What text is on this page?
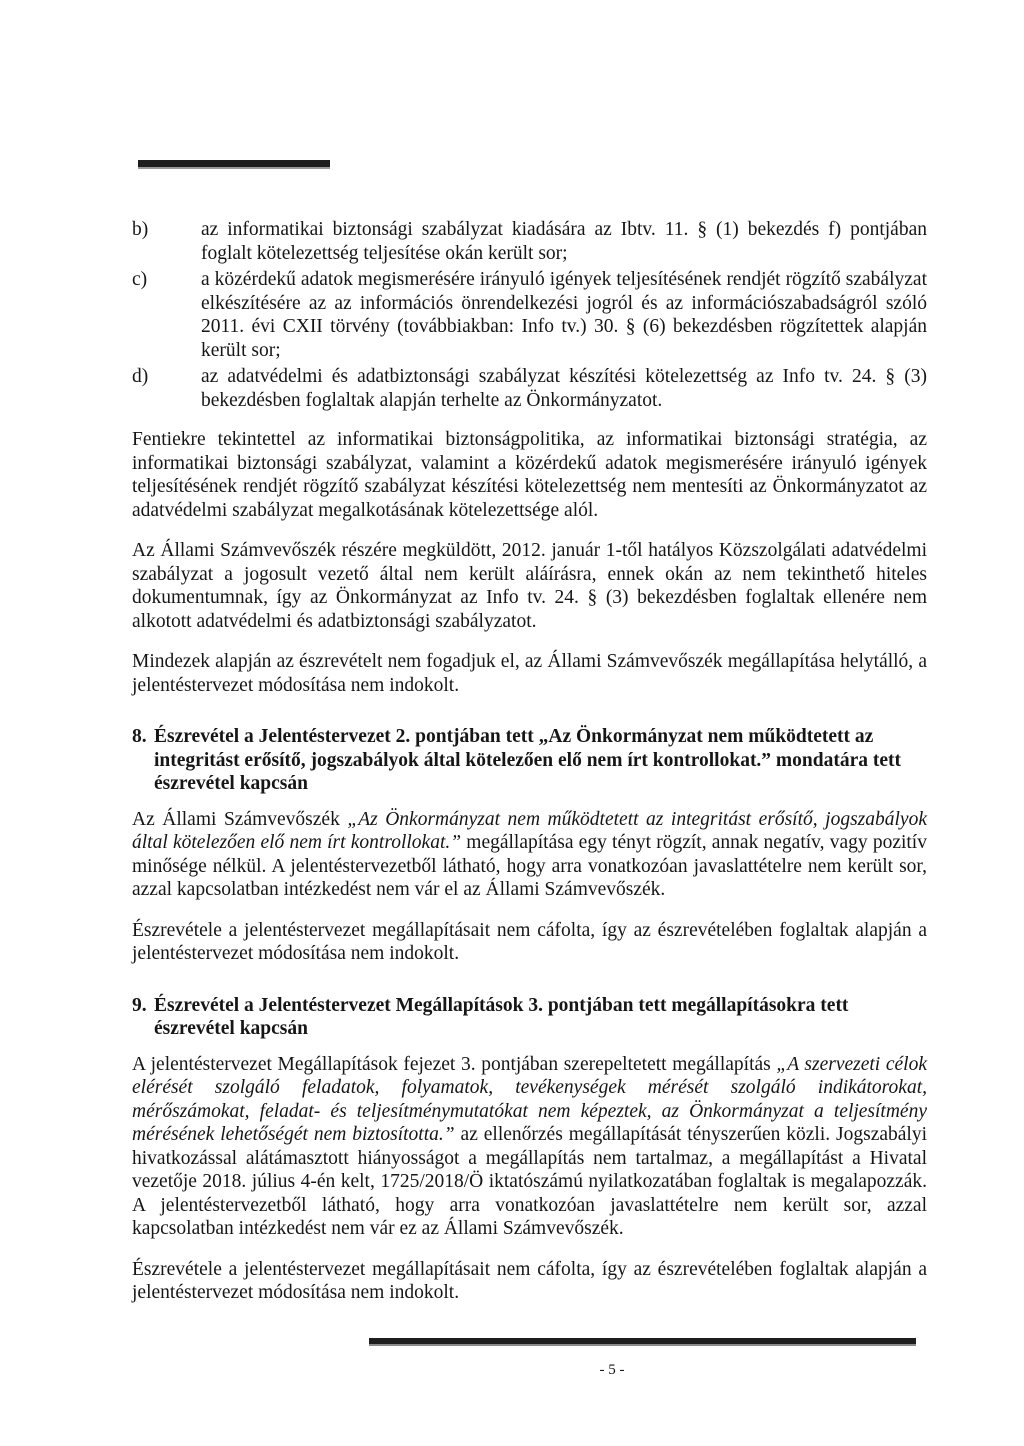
b)	az informatikai biztonsági szabályzat kiadására az Ibtv. 11. § (1) bekezdés f) pontjában foglalt kötelezettség teljesítése okán került sor;
c)	a közérdekű adatok megismerésére irányuló igények teljesítésének rendjét rögzítő szabályzat elkészítésére az az információs önrendelkezési jogról és az információszabadságról szóló 2011. évi CXII törvény (továbbiakban: Info tv.) 30. § (6) bekezdésben rögzítettek alapján került sor;
d)	az adatvédelmi és adatbiztonsági szabályzat készítési kötelezettség az Info tv. 24. § (3) bekezdésben foglaltak alapján terhelte az Önkormányzatot.

Fentiekre tekintettel az informatikai biztonságpolitika, az informatikai biztonsági stratégia, az informatikai biztonsági szabályzat, valamint a közérdekű adatok megismerésére irányuló igények teljesítésének rendjét rögzítő szabályzat készítési kötelezettség nem mentesíti az Önkormányzatot az adatvédelmi szabályzat megalkotásának kötelezettsége alól.

Az Állami Számvevőszék részére megküldött, 2012. január 1-től hatályos Közszolgálati adatvédelmi szabályzat a jogosult vezető által nem került aláírásra, ennek okán az nem tekinthető hiteles dokumentumnak, így az Önkormányzat az Info tv. 24. § (3) bekezdésben foglaltak ellenére nem alkotott adatvédelmi és adatbiztonsági szabályzatot.

Mindezek alapján az észrevételt nem fogadjuk el, az Állami Számvevőszék megállapítása helytálló, a jelentéstervezet módosítása nem indokolt.

8. Észrevétel a Jelentéstervezet 2. pontjában tett „Az Önkormányzat nem működtetett az integritást erősítő, jogszabályok által kötelezően elő nem írt kontrollokat.” mondatára tett észrevétel kapcsán

Az Állami Számvevőszék „Az Önkormányzat nem működtetett az integritást erősítő, jogszabályok által kötelezően elő nem írt kontrollokat.” megállapítása egy tényt rögzít, annak negatív, vagy pozitív minősége nélkül. A jelentéstervezetből látható, hogy arra vonatkozóan javaslattételre nem került sor, azzal kapcsolatban intézkedést nem vár el az Állami Számvevőszék.

Észrevétele a jelentéstervezet megállapításait nem cáfolta, így az észrevételében foglaltak alapján a jelentéstervezet módosítása nem indokolt.

9. Észrevétel a Jelentéstervezet Megállapítások 3. pontjában tett megállapításokra tett észrevétel kapcsán

A jelentéstervezet Megállapítások fejezet 3. pontjában szerepeltetett megállapítás „A szervezeti célok elérését szolgáló feladatok, folyamatok, tevékenységek mérését szolgáló indikátorokat, mérőszámokat, feladat- és teljesítménymutatókat nem képeztek, az Önkormányzat a teljesítmény mérésének lehetőségét nem biztosította.” az ellenőrzés megállapítását tényszerűen közli. Jogszabályi hivatkozással alátámasztott hiányosságot a megállapítás nem tartalmaz, a megállapítást a Hivatal vezetője 2018. július 4-én kelt, 1725/2018/Ö iktatószámú nyilatkozatában foglaltak is megalapozzák. A jelentéstervezetből látható, hogy arra vonatkozóan javaslattételre nem került sor, azzal kapcsolatban intézkedést nem vár ez az Állami Számvevőszék.

Észrevétele a jelentéstervezet megállapításait nem cáfolta, így az észrevételében foglaltak alapján a jelentéstervezet módosítása nem indokolt.

- 5 -
